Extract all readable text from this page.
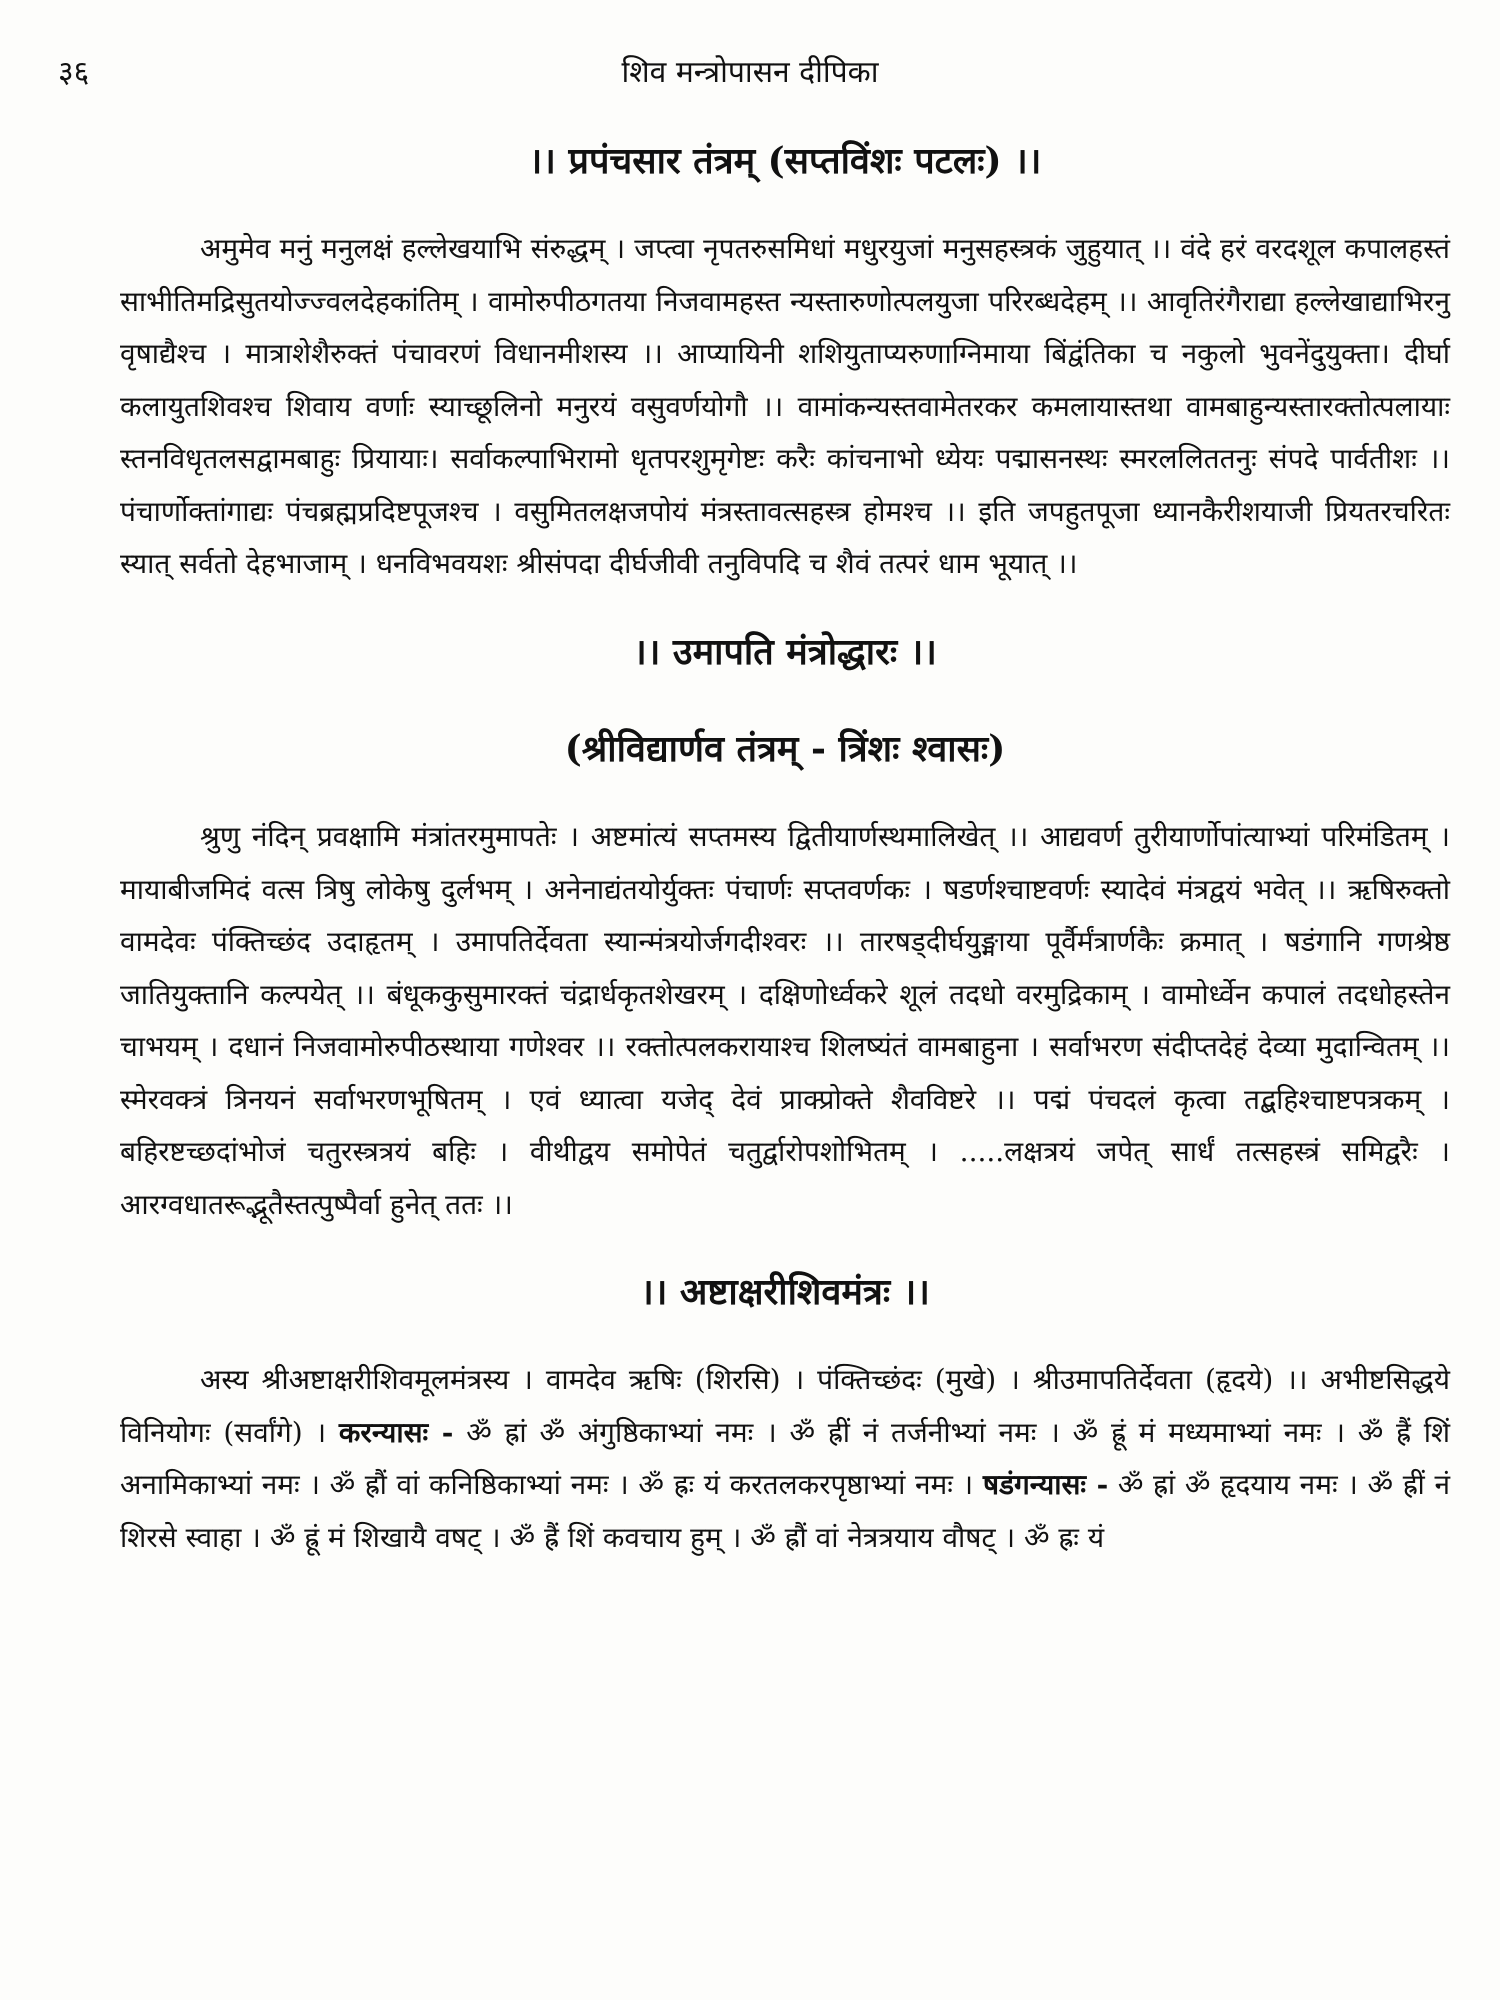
३६	शिव मन्त्रोपासन दीपिका
।। प्रपंचसार तंत्रम् (सप्तविंशः पटलः) ।।

अमुमेव मनुं मनुलक्षं हल्लेखयाभि संरुद्धम् । जप्त्वा नृपतरुसमिधां मधुरयुजां मनुसहस्त्रकं जुहुयात् ।। वंदे हरं वरदशूल कपालहस्तं साभीतिमद्रिसुतयोज्ज्वलदेहकांतिम् । वामोरुपीठगतया निजवामहस्त न्यस्तारुणोत्पलयुजा परिरब्धदेहम् ।। आवृतिरंगैराद्या हल्लेखाद्याभिरनु वृषाद्यैश्च । मात्राशेशैरुक्तं पंचावरणं विधानमीशस्य ।। आप्यायिनी शशियुताप्यरुणाग्निमाया बिंद्वंतिका च नकुलो भुवनेंदुयुक्ता। दीर्घा कलायुतशिवश्च शिवाय वर्णाः स्याच्छूलिनो मनुरयं वसुवर्णयोगौ ।। वामांकन्यस्तवामेतरकर कमलायास्तथा वामबाहुन्यस्तारक्तोत्पलायाः स्तनविधृतलसद्वामबाहुः प्रियायाः। सर्वाकल्पाभिरामो धृतपरशुमृगेष्टः करैः कांचनाभो ध्येयः पद्मासनस्थः स्मरललिततनुः संपदे पार्वतीशः ।। पंचार्णोक्तांगाद्यः पंचब्रह्मप्रदिष्टपूजश्च । वसुमितलक्षजपोयं मंत्रस्तावत्सहस्त्र होमश्च ।। इति जपहुतपूजा ध्यानकैरीशयाजी प्रियतरचरितः स्यात् सर्वतो देहभाजाम् । धनविभवयशः श्रीसंपदा दीर्घजीवी तनुविपदि च शैवं तत्परं धाम भूयात् ।।

।। उमापति मंत्रोद्धारः ।।
(श्रीविद्यार्णव तंत्रम् - त्रिंशः श्वासः)

श्रुणु नंदिन् प्रवक्षामि मंत्रांतरमुमापतेः । अष्टमांत्यं सप्तमस्य द्वितीयार्णस्थमालिखेत् ।। आद्यवर्ण तुरीयार्णोपांत्याभ्यां परिमंडितम् । मायाबीजमिदं वत्स त्रिषु लोकेषु दुर्लभम् । अनेनाद्यंतयोर्युक्तः पंचार्णः सप्तवर्णकः । षडर्णश्चाष्टवर्णः स्यादेवं मंत्रद्वयं भवेत् ।। ऋषिरुक्तो वामदेवः पंक्तिच्छंद उदाहृतम् । उमापतिर्देवता स्यान्मंत्रयोर्जगदीश्वरः ।। तारषड्दीर्घयुङ्माया पूर्वैर्मंत्रार्णकैः क्रमात् । षडंगानि गणश्रेष्ठ जातियुक्तानि कल्पयेत् ।। बंधूककुसुमारक्तं चंद्रार्धकृतशेखरम् । दक्षिणोर्ध्वकरे शूलं तदधो वरमुद्रिकाम् । वामोर्ध्वेन कपालं तदधोहस्तेन चाभयम् । दधानं निजवामोरुपीठस्थाया गणेश्वर ।। रक्तोत्पलकरायाश्च शिलष्यंतं वामबाहुना । सर्वाभरण संदीप्तदेहं देव्या मुदान्वितम् ।। स्मेरवक्त्रं त्रिनयनं सर्वाभरणभूषितम् । एवं ध्यात्वा यजेद् देवं प्राक्प्रोक्ते शैवविष्टरे ।। पद्मं पंचदलं कृत्वा तद्बहिश्चाष्टपत्रकम् । बहिरष्टच्छदांभोजं चतुरस्त्रत्रयं बहिः । वीथीद्वय समोपेतं चतुर्द्वारोपशोभितम् । .....लक्षत्रयं जपेत् सार्धं तत्सहस्त्रं समिद्वरैः । आरग्वधातरूद्भूतैस्तत्पुष्पैर्वा हुनेत् ततः ।।

।। अष्टाक्षरीशिवमंत्रः ।।

अस्य श्रीअष्टाक्षरीशिवमूलमंत्रस्य । वामदेव ऋषिः (शिरसि) । पंक्तिच्छंदः (मुखे) । श्रीउमापतिर्देवता (हृदये) ।। अभीष्टसिद्धये विनियोगः (सर्वांगे) । करन्यासः - ॐ ह्रां ॐ अंगुष्ठिकाभ्यां नमः । ॐ ह्रीं नं तर्जनीभ्यां नमः । ॐ ह्रूं मं मध्यमाभ्यां नमः । ॐ ह्रैं शिं अनामिकाभ्यां नमः । ॐ ह्रौं वां कनिष्ठिकाभ्यां नमः । ॐ ह्रः यं करतलकरपृष्ठाभ्यां नमः । षडंगन्यासः - ॐ ह्रां ॐ हृदयाय नमः । ॐ ह्रीं नं शिरसे स्वाहा । ॐ ह्रूं मं शिखायै वषट् । ॐ ह्रैं शिं कवचाय हुम् । ॐ ह्रौं वां नेत्रत्रयाय वौषट् । ॐ ह्रः यं
